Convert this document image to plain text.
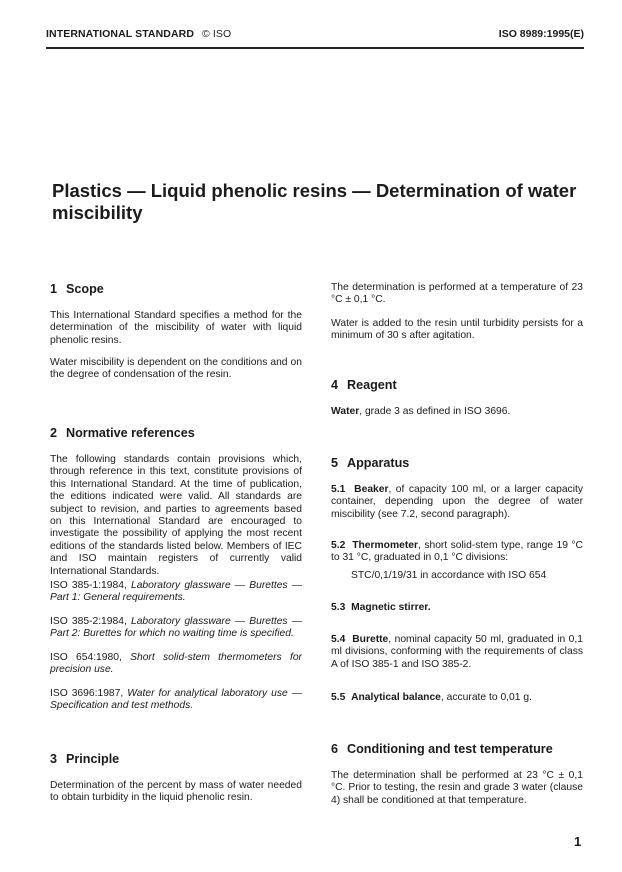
INTERNATIONAL STANDARD © ISO	ISO 8989:1995(E)
Plastics — Liquid phenolic resins — Determination of water
miscibility
1 Scope

This International Standard specifies a method for the determination of the miscibility of water with liquid phenolic resins.

Water miscibility is dependent on the conditions and on the degree of condensation of the resin.

2 Normative references

The following standards contain provisions which, through reference in this text, constitute provisions of this International Standard. At the time of publication, the editions indicated were valid. All standards are subject to revision, and parties to agreements based on this International Standard are encouraged to investigate the possibility of applying the most recent editions of the standards listed below. Members of IEC and ISO maintain registers of currently valid International Standards.

ISO 385-1:1984, Laboratory glassware — Burettes — Part 1: General requirements.

ISO 385-2:1984, Laboratory glassware — Burettes — Part 2: Burettes for which no waiting time is specified.

ISO 654:1980, Short solid-stem thermometers for precision use.

ISO 3696:1987, Water for analytical laboratory use — Specification and test methods.

3 Principle

Determination of the percent by mass of water needed to obtain turbidity in the liquid phenolic resin.

The determination is performed at a temperature of 23 °C ± 0,1 °C.

Water is added to the resin until turbidity persists for a minimum of 30 s after agitation.

4 Reagent

Water, grade 3 as defined in ISO 3696.

5 Apparatus

5.1 Beaker, of capacity 100 ml, or a larger capacity container, depending upon the degree of water miscibility (see 7.2, second paragraph).

5.2 Thermometer, short solid-stem type, range 19 °C to 31 °C, graduated in 0,1 °C divisions:

STC/0,1/19/31 in accordance with ISO 654

5.3 Magnetic stirrer.

5.4 Burette, nominal capacity 50 ml, graduated in 0,1 ml divisions, conforming with the requirements of class A of ISO 385-1 and ISO 385-2.

5.5 Analytical balance, accurate to 0,01 g.

6 Conditioning and test temperature

The determination shall be performed at 23 °C ± 0,1 °C. Prior to testing, the resin and grade 3 water (clause 4) shall be conditioned at that temperature.

1
